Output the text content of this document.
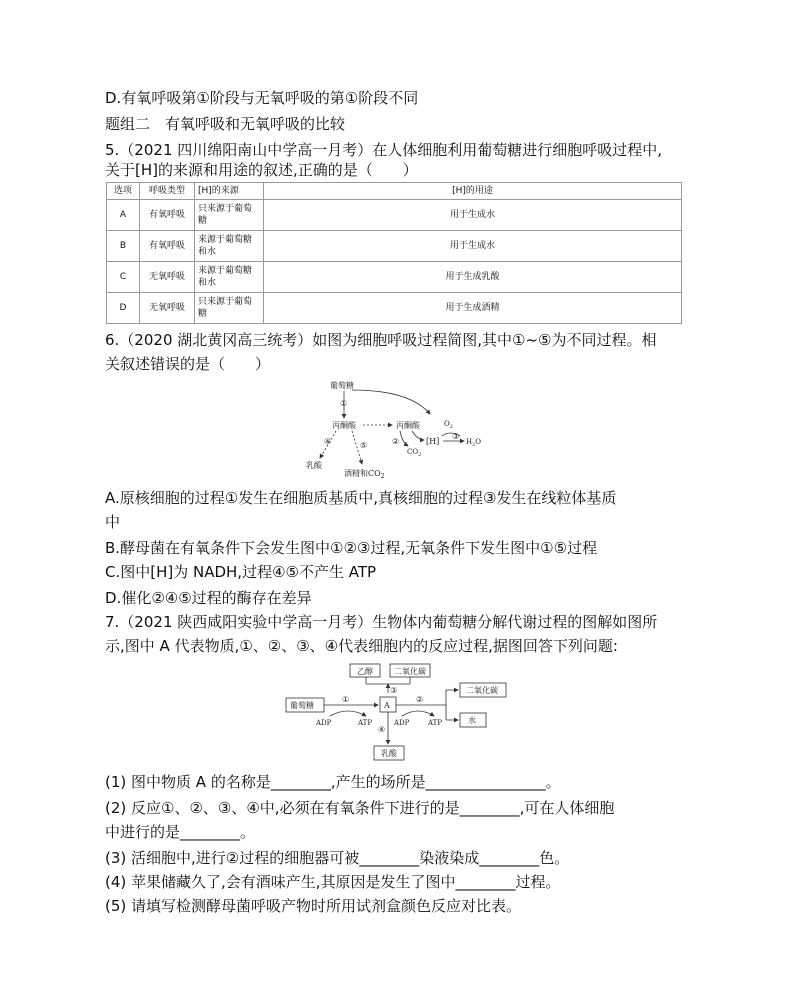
D.有氧呼吸第①阶段与无氧呼吸的第①阶段不同
题组二　有氧呼吸和无氧呼吸的比较
5.（2021 四川绵阳南山中学高一月考）在人体细胞利用葡萄糖进行细胞呼吸过程中,
关于[H]的来源和用途的叙述,正确的是（　　）
选项	呼吸类型	[H]的来源	[H]的用途
A	有氧呼吸	只来源于葡萄糖	用于生成水
B	有氧呼吸	来源于葡萄糖和水	用于生成水
C	无氧呼吸	来源于葡萄糖和水	用于生成乳酸
D	无氧呼吸	只来源于葡萄糖	用于生成酒精
6.（2020 湖北黄冈高三统考）如图为细胞呼吸过程简图,其中①~⑤为不同过程。相
关叙述错误的是（　　）
葡萄糖
①
丙酮酸	丙酮酸
④	⑤
乳酸
酒精和$CO_2$
②
$CO_2$
[H]
$O_2$
③
$H_2O$
A.原核细胞的过程①发生在细胞质基质中,真核细胞的过程③发生在线粒体基质
中
B.酵母菌在有氧条件下会发生图中①②③过程,无氧条件下发生图中①⑤过程
C.图中[H]为 NADH,过程④⑤不产生 ATP
D.催化②④⑤过程的酶存在差异
7.（2021 陕西咸阳实验中学高一月考）生物体内葡萄糖分解代谢过程的图解如图所
示,图中 A 代表物质,①、②、③、④代表细胞内的反应过程,据图回答下列问题:
乙醇	二氧化碳
③
葡萄糖
①
ADP	ATP
A
②
ADP	ATP
二氧化碳
水
④
乳酸
(1) 图中物质 A 的名称是________,产生的场所是________________。
(2) 反应①、②、③、④中,必须在有氧条件下进行的是________,可在人体细胞
中进行的是________。
(3) 活细胞中,进行②过程的细胞器可被________染液染成________色。
(4) 苹果储藏久了,会有酒味产生,其原因是发生了图中________过程。
(5) 请填写检测酵母菌呼吸产物时所用试剂盒颜色反应对比表。
